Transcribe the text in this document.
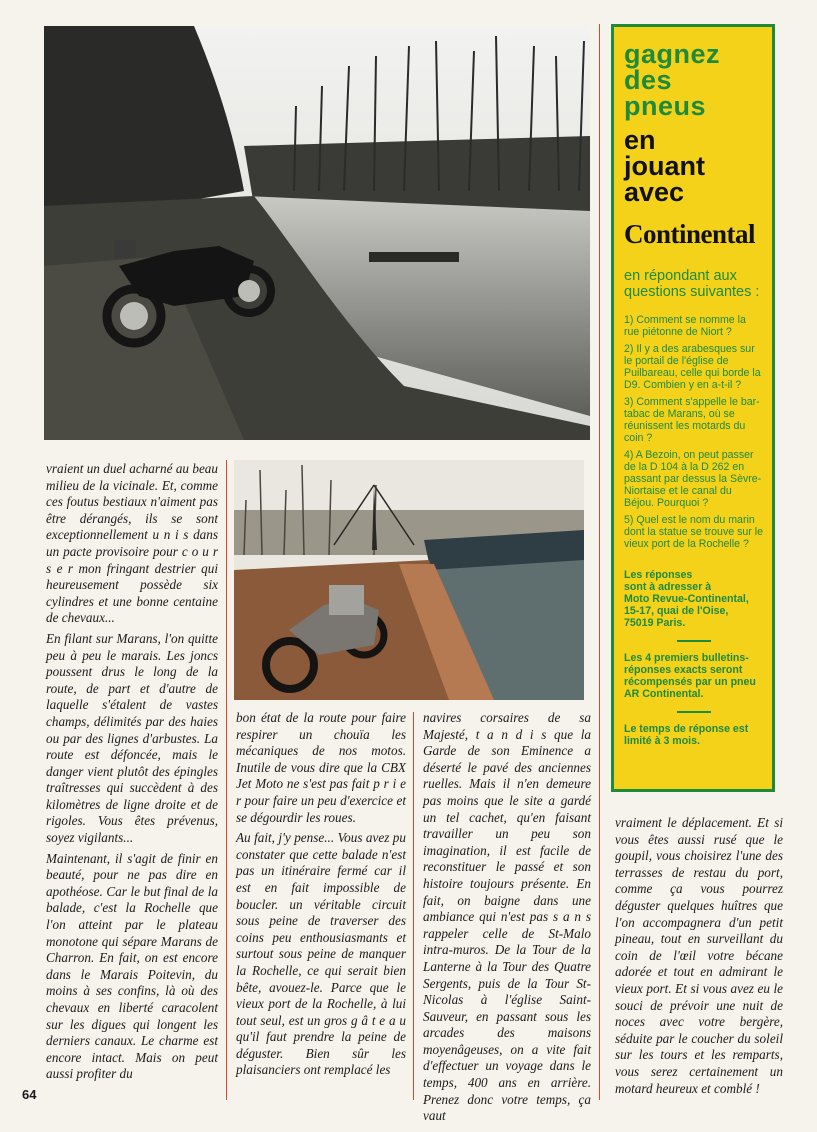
vraient un duel acharné au beau milieu de la vicinale. Et, comme ces foutus bestiaux n'aiment pas être dérangés, ils se sont exceptionnellement u n i s dans un pacte provisoire pour c o u r s e r mon fringant destrier qui heureusement possède six cylindres et une bonne centaine de chevaux...

En filant sur Marans, l'on quitte peu à peu le marais. Les joncs poussent drus le long de la route, de part et d'autre de laquelle s'étalent de vastes champs, délimités par des haies ou par des lignes d'arbustes. La route est défoncée, mais le danger vient plutôt des épingles traîtresses qui succèdent à des kilomètres de ligne droite et de rigoles. Vous êtes prévenus, soyez vigilants...

Maintenant, il s'agit de finir en beauté, pour ne pas dire en apothéose. Car le but final de la balade, c'est la Rochelle que l'on atteint par le plateau monotone qui sépare Marans de Charron. En fait, on est encore dans le Marais Poitevin, du moins à ses confins, là où des chevaux en liberté caracolent sur les digues qui longent les derniers canaux. Le charme est encore intact. Mais on peut aussi profiter du

bon état de la route pour faire respirer un chouïa les mécaniques de nos motos. Inutile de vous dire que la CBX Jet Moto ne s'est pas fait p r i e r pour faire un peu d'exercice et se dégourdir les roues.

Au fait, j'y pense... Vous avez pu constater que cette balade n'est pas un itinéraire fermé car il est en fait impossible de boucler. un véritable circuit sous peine de traverser des coins peu enthousiasmants et surtout sous peine de manquer la Rochelle, ce qui serait bien bête, avouez-le. Parce que le vieux port de la Rochelle, à lui tout seul, est un gros g â t e a u qu'il faut prendre la peine de déguster. Bien sûr les plaisanciers ont remplacé les

navires corsaires de sa Majesté, t a n d i s que la Garde de son Eminence a déserté le pavé des anciennes ruelles. Mais il n'en demeure pas moins que le site a gardé un tel cachet, qu'en faisant travailler un peu son imagination, il est facile de reconstituer le passé et son histoire toujours présente. En fait, on baigne dans une ambiance qui n'est pas s a n s rappeler celle de St-Malo intra-muros. De la Tour de la Lanterne à la Tour des Quatre Sergents, puis de la Tour St-Nicolas à l'église Saint-Sauveur, en passant sous les arcades des maisons moyenâgeuses, on a vite fait d'effectuer un voyage dans le temps, 400 ans en arrière. Prenez donc votre temps, ça vaut

vraiment le déplacement. Et si vous êtes aussi rusé que le goupil, vous choisirez l'une des terrasses de restau du port, comme ça vous pourrez déguster quelques huîtres que l'on accompagnera d'un petit pineau, tout en surveillant du coin de l'œil votre bécane adorée et tout en admirant le vieux port. Et si vous avez eu le souci de prévoir une nuit de noces avec votre bergère, séduite par le coucher du soleil sur les tours et les remparts, vous serez certainement un motard heureux et comblé !

64
gagnez
des
pneus
en
jouant
avec
Continental
en répondant aux questions suivantes :

1) Comment se nomme la rue piétonne de Niort ?

2) Il y a des arabesques sur le portail de l'église de Puilbareau, celle qui borde la D9. Combien y en a-t-il ?

3) Comment s'appelle le bar-tabac de Marans, où se réunissent les motards du coin ?

4) A Bezoin, on peut passer de la D 104 à la D 262 en passant par dessus la Sèvre-Niortaise et le canal du Béjou. Pourquoi ?

5) Quel est le nom du marin dont la statue se trouve sur le vieux port de la Rochelle ?

Les réponses
sont à adresser à
Moto Revue-Continental,
15-17, quai de l'Oise,
75019 Paris.
Les 4 premiers bulletins-réponses exacts seront récompensés par un pneu AR Continental.
Le temps de réponse est limité à 3 mois.
